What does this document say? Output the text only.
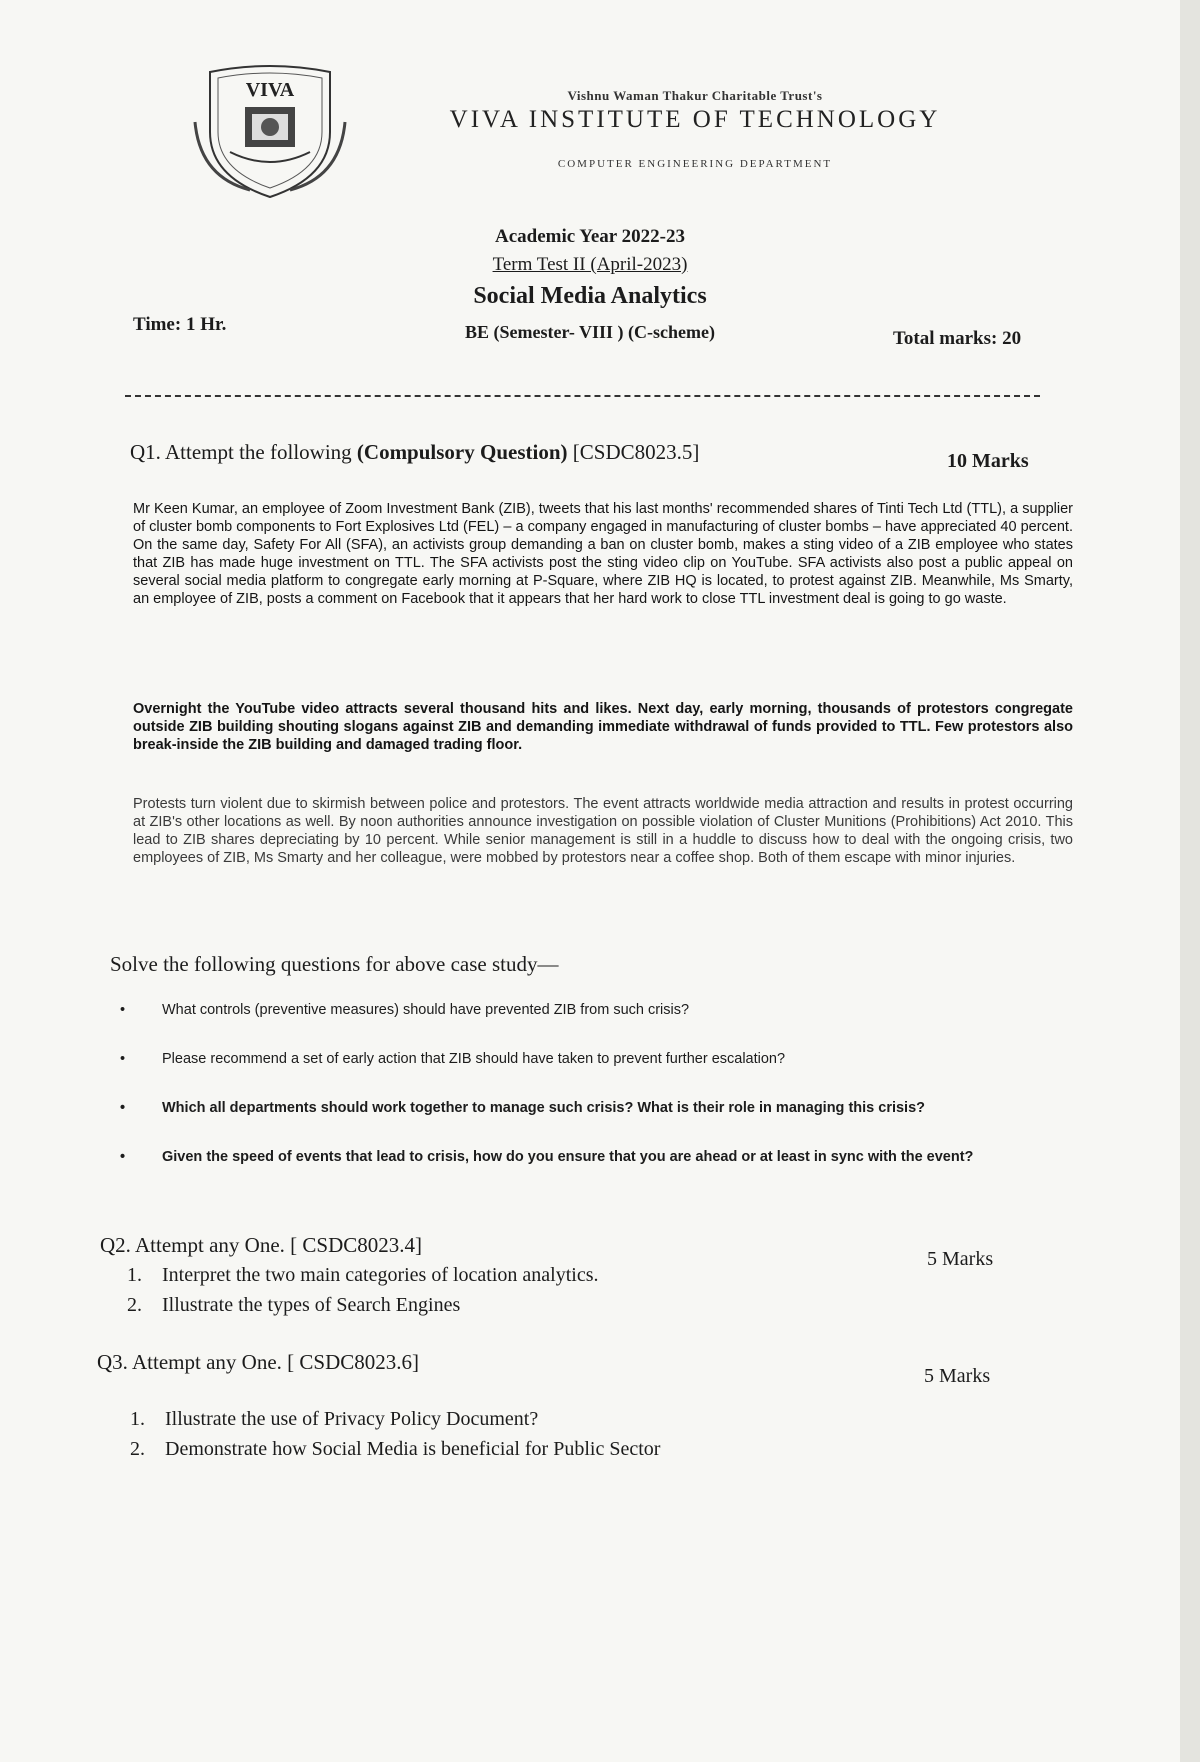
VIVA	Vishnu Waman Thakur Charitable Trust's
VIVA INSTITUTE OF TECHNOLOGY

COMPUTER ENGINEERING DEPARTMENT
Academic Year 2022-23
Term Test II (April-2023)
Social Media Analytics
Time: 1 Hr.	BE (Semester- VIII ) (C-scheme)	Total marks: 20
Q1. Attempt the following (Compulsory Question) [CSDC8023.5]	10 Marks
Mr Keen Kumar, an employee of Zoom Investment Bank (ZIB), tweets that his last months' recommended shares of Tinti Tech Ltd (TTL), a supplier of cluster bomb components to Fort Explosives Ltd (FEL) – a company engaged in manufacturing of cluster bombs – have appreciated 40 percent. On the same day, Safety For All (SFA), an activists group demanding a ban on cluster bomb, makes a sting video of a ZIB employee who states that ZIB has made huge investment on TTL. The SFA activists post the sting video clip on YouTube. SFA activists also post a public appeal on several social media platform to congregate early morning at P-Square, where ZIB HQ is located, to protest against ZIB. Meanwhile, Ms Smarty, an employee of ZIB, posts a comment on Facebook that it appears that her hard work to close TTL investment deal is going to go waste.
Overnight the YouTube video attracts several thousand hits and likes. Next day, early morning, thousands of protestors congregate outside ZIB building shouting slogans against ZIB and demanding immediate withdrawal of funds provided to TTL. Few protestors also break-inside the ZIB building and damaged trading floor.
Protests turn violent due to skirmish between police and protestors. The event attracts worldwide media attraction and results in protest occurring at ZIB's other locations as well. By noon authorities announce investigation on possible violation of Cluster Munitions (Prohibitions) Act 2010. This lead to ZIB shares depreciating by 10 percent. While senior management is still in a huddle to discuss how to deal with the ongoing crisis, two employees of ZIB, Ms Smarty and her colleague, were mobbed by protestors near a coffee shop. Both of them escape with minor injuries.
Solve the following questions for above case study—
• What controls (preventive measures) should have prevented ZIB from such crisis?
• Please recommend a set of early action that ZIB should have taken to prevent further escalation?
• Which all departments should work together to manage such crisis? What is their role in managing this crisis?
• Given the speed of events that lead to crisis, how do you ensure that you are ahead or at least in sync with the event?
Q2. Attempt any One. [ CSDC8023.4]
5 Marks
1. Interpret the two main categories of location analytics.
2. Illustrate the types of Search Engines
Q3. Attempt any One. [ CSDC8023.6]
5 Marks
1. Illustrate the use of Privacy Policy Document?
2. Demonstrate how Social Media is beneficial for Public Sector
